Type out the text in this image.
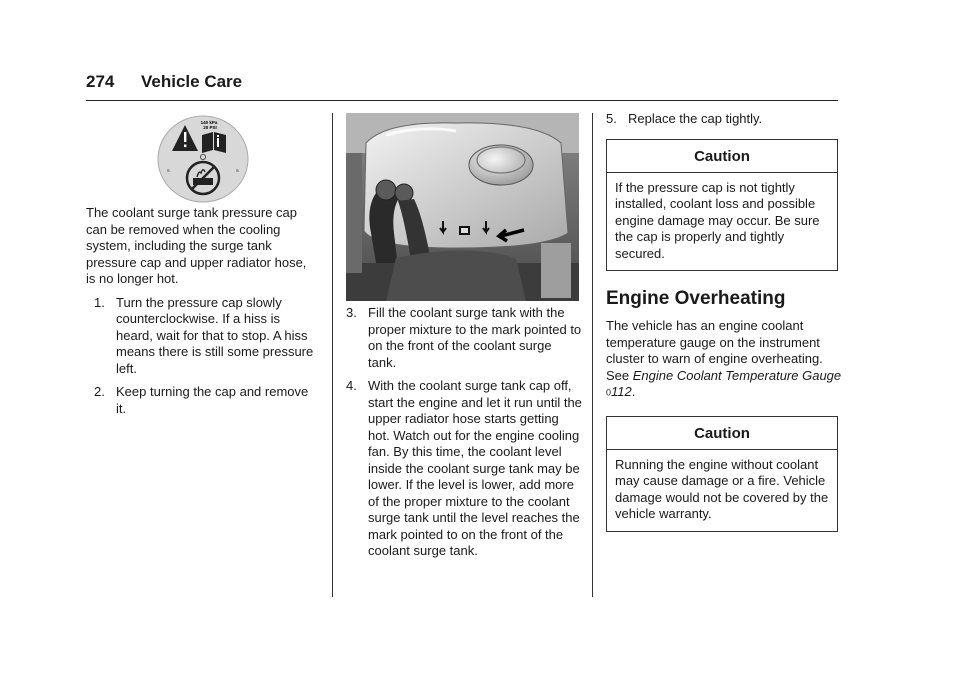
274 Vehicle Care
140 kPa
20 PSI
S	S

The coolant surge tank pressure cap can be removed when the cooling system, including the surge tank pressure cap and upper radiator hose, is no longer hot.

1. Turn the pressure cap slowly counterclockwise. If a hiss is heard, wait for that to stop. A hiss means there is still some pressure left.
2. Keep turning the cap and remove it.
3. Fill the coolant surge tank with the proper mixture to the mark pointed to on the front of the coolant surge tank.
4. With the coolant surge tank cap off, start the engine and let it run until the upper radiator hose starts getting hot. Watch out for the engine cooling fan. By this time, the coolant level inside the coolant surge tank may be lower. If the level is lower, add more of the proper mixture to the coolant surge tank until the level reaches the mark pointed to on the front of the coolant surge tank.
5. Replace the cap tightly.
Caution
If the pressure cap is not tightly installed, coolant loss and possible engine damage may occur. Be sure the cap is properly and tightly secured.
Engine Overheating

The vehicle has an engine coolant temperature gauge on the instrument cluster to warn of engine overheating. See Engine Coolant Temperature Gauge 0112.

Caution
Running the engine without coolant may cause damage or a fire. Vehicle damage would not be covered by the vehicle warranty.
